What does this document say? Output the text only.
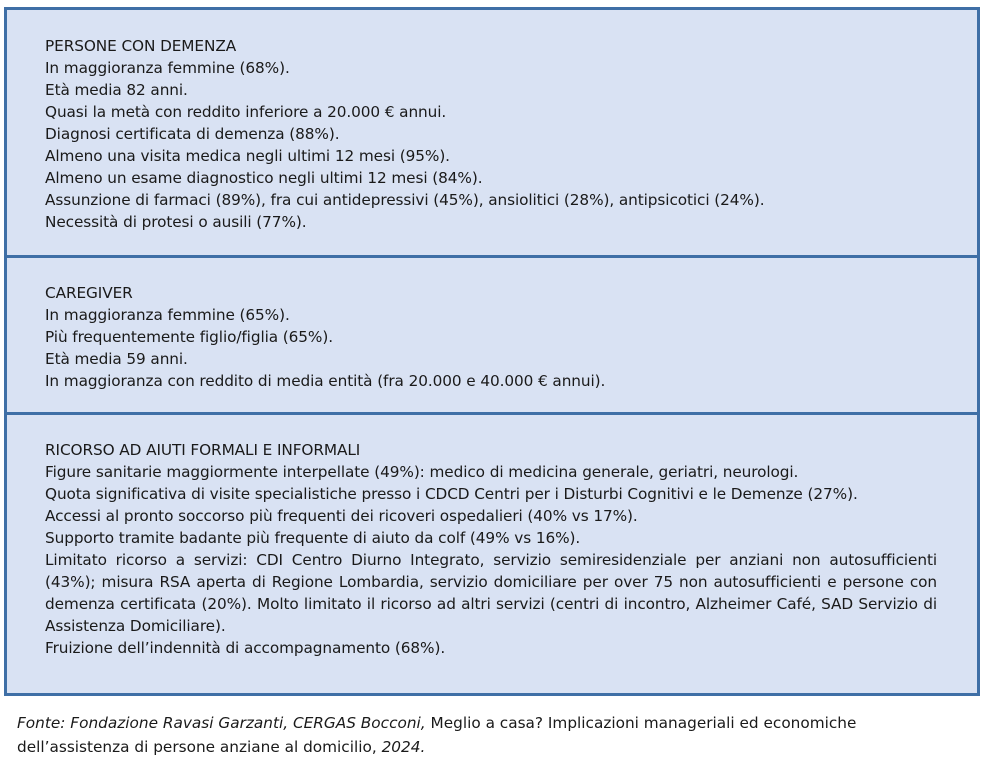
PERSONE CON DEMENZA
In maggioranza femmine (68%).
Età media 82 anni.
Quasi la metà con reddito inferiore a 20.000 € annui.
Diagnosi certificata di demenza (88%).
Almeno una visita medica negli ultimi 12 mesi (95%).
Almeno un esame diagnostico negli ultimi 12 mesi (84%).
Assunzione di farmaci (89%), fra cui antidepressivi (45%), ansiolitici (28%), antipsicotici (24%).
Necessità di protesi o ausili (77%).
CAREGIVER
In maggioranza femmine (65%).
Più frequentemente figlio/figlia (65%).
Età media 59 anni.
In maggioranza con reddito di media entità (fra 20.000 e 40.000 € annui).
RICORSO AD AIUTI FORMALI E INFORMALI
Figure sanitarie maggiormente interpellate (49%): medico di medicina generale, geriatri, neurologi.
Quota significativa di visite specialistiche presso i CDCD Centri per i Disturbi Cognitivi e le Demenze (27%).
Accessi al pronto soccorso più frequenti dei ricoveri ospedalieri (40% vs 17%).
Supporto tramite badante più frequente di aiuto da colf (49% vs 16%).
Limitato ricorso a servizi: CDI Centro Diurno Integrato, servizio semiresidenziale per anziani non autosufficienti (43%); misura RSA aperta di Regione Lombardia, servizio domiciliare per over 75 non autosufficienti e persone con demenza certificata (20%). Molto limitato il ricorso ad altri servizi (centri di incontro, Alzheimer Café, SAD Servizio di Assistenza Domiciliare).
Fruizione dell’indennità di accompagnamento (68%).
Fonte: Fondazione Ravasi Garzanti, CERGAS Bocconi, Meglio a casa? Implicazioni manageriali ed economiche dell’assistenza di persone anziane al domicilio, 2024.
